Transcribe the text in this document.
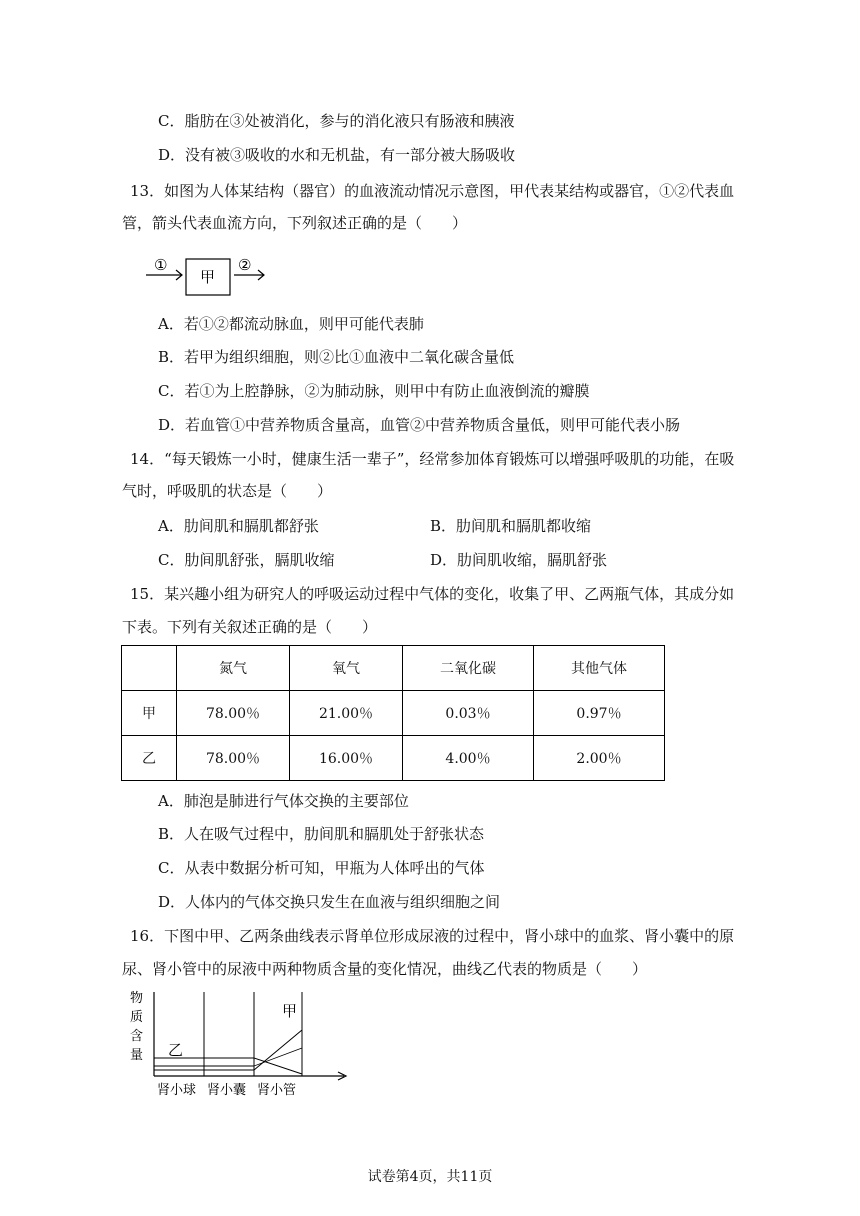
C．脂肪在③处被消化，参与的消化液只有肠液和胰液
D．没有被③吸收的水和无机盐，有一部分被大肠吸收
13．如图为人体某结构（器官）的血液流动情况示意图，甲代表某结构或器官，①②代表血
管，箭头代表血流方向，下列叙述正确的是（　　）
①
甲
②
A．若①②都流动脉血，则甲可能代表肺
B．若甲为组织细胞，则②比①血液中二氧化碳含量低
C．若①为上腔静脉，②为肺动脉，则甲中有防止血液倒流的瓣膜
D．若血管①中营养物质含量高，血管②中营养物质含量低，则甲可能代表小肠
14．“每天锻炼一小时，健康生活一辈子”，经常参加体育锻炼可以增强呼吸肌的功能，在吸
气时，呼吸肌的状态是（　　）
A．肋间肌和膈肌都舒张	B．肋间肌和膈肌都收缩
C．肋间肌舒张，膈肌收缩	D．肋间肌收缩，膈肌舒张
15．某兴趣小组为研究人的呼吸运动过程中气体的变化，收集了甲、乙两瓶气体，其成分如
下表。下列有关叙述正确的是（　　）
	氮气	氧气	二氧化碳	其他气体
甲	78.00％	21.00％	0.03％	0.97％
乙	78.00％	16.00％	4.00％	2.00％
A．肺泡是肺进行气体交换的主要部位
B．人在吸气过程中，肋间肌和膈肌处于舒张状态
C．从表中数据分析可知，甲瓶为人体呼出的气体
D．人体内的气体交换只发生在血液与组织细胞之间
16．下图中甲、乙两条曲线表示肾单位形成尿液的过程中，肾小球中的血浆、肾小囊中的原
尿、肾小管中的尿液中两种物质含量的变化情况，曲线乙代表的物质是（　　）
物
质
含
量
甲
乙
肾小球 肾小囊 肾小管
试卷第4页，共11页
